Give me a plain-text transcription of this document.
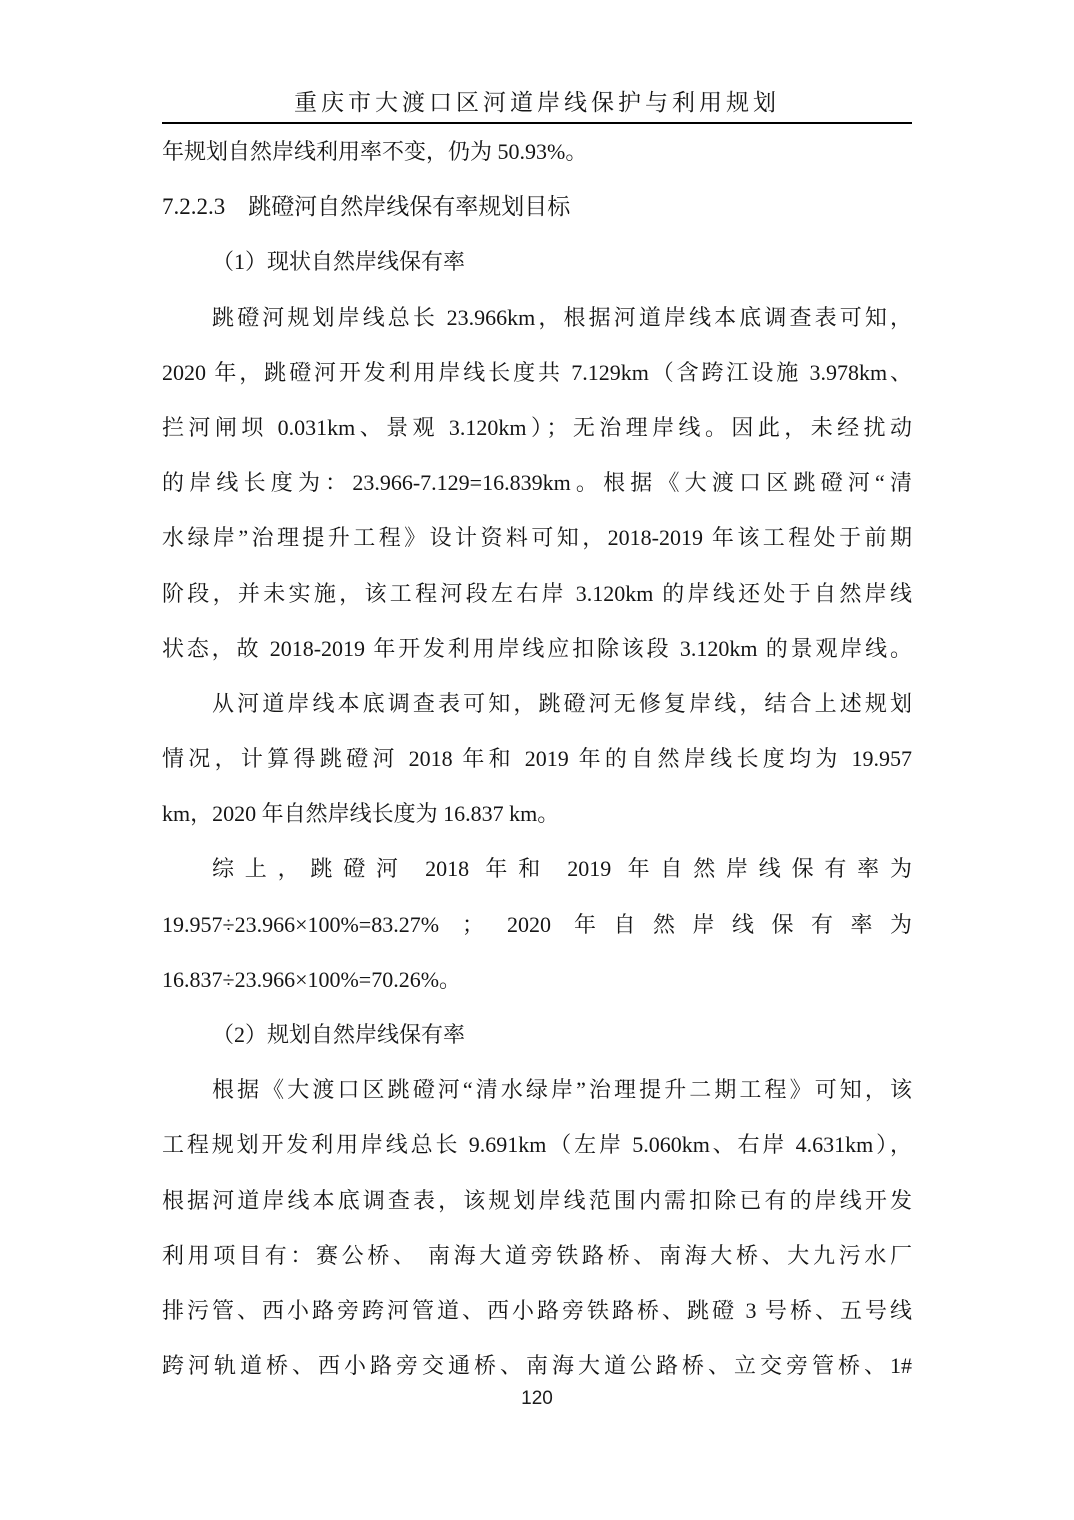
重庆市大渡口区河道岸线保护与利用规划
年规划自然岸线利用率不变，仍为 50.93%。
7.2.2.3　跳磴河自然岸线保有率规划目标
（1）现状自然岸线保有率
跳磴河规划岸线总长 23.966km，根据河道岸线本底调查表可知，
2020 年，跳磴河开发利用岸线长度共 7.129km（含跨江设施 3.978km、
拦河闸坝 0.031km、景观 3.120km）；无治理岸线。因此，未经扰动
的岸线长度为：23.966-7.129=16.839km。根据《大渡口区跳磴河“清
水绿岸”治理提升工程》设计资料可知，2018-2019 年该工程处于前期
阶段，并未实施，该工程河段左右岸 3.120km 的岸线还处于自然岸线
状态，故 2018-2019 年开发利用岸线应扣除该段 3.120km 的景观岸线。
从河道岸线本底调查表可知，跳磴河无修复岸线，结合上述规划
情况，计算得跳磴河 2018 年和 2019 年的自然岸线长度均为 19.957
km，2020 年自然岸线长度为 16.837 km。
综上，跳磴河 2018 年和 2019 年自然岸线保有率为
19.957÷23.966×100%=83.27% ； 2020 年自然岸线保有率为
16.837÷23.966×100%=70.26%。
（2）规划自然岸线保有率
根据《大渡口区跳磴河“清水绿岸”治理提升二期工程》可知，该
工程规划开发利用岸线总长 9.691km（左岸 5.060km、右岸 4.631km），
根据河道岸线本底调查表，该规划岸线范围内需扣除已有的岸线开发
利用项目有：赛公桥、 南海大道旁铁路桥、南海大桥、大九污水厂
排污管、西小路旁跨河管道、西小路旁铁路桥、跳磴 3 号桥、五号线
跨河轨道桥、西小路旁交通桥、南海大道公路桥、立交旁管桥、1#
120
